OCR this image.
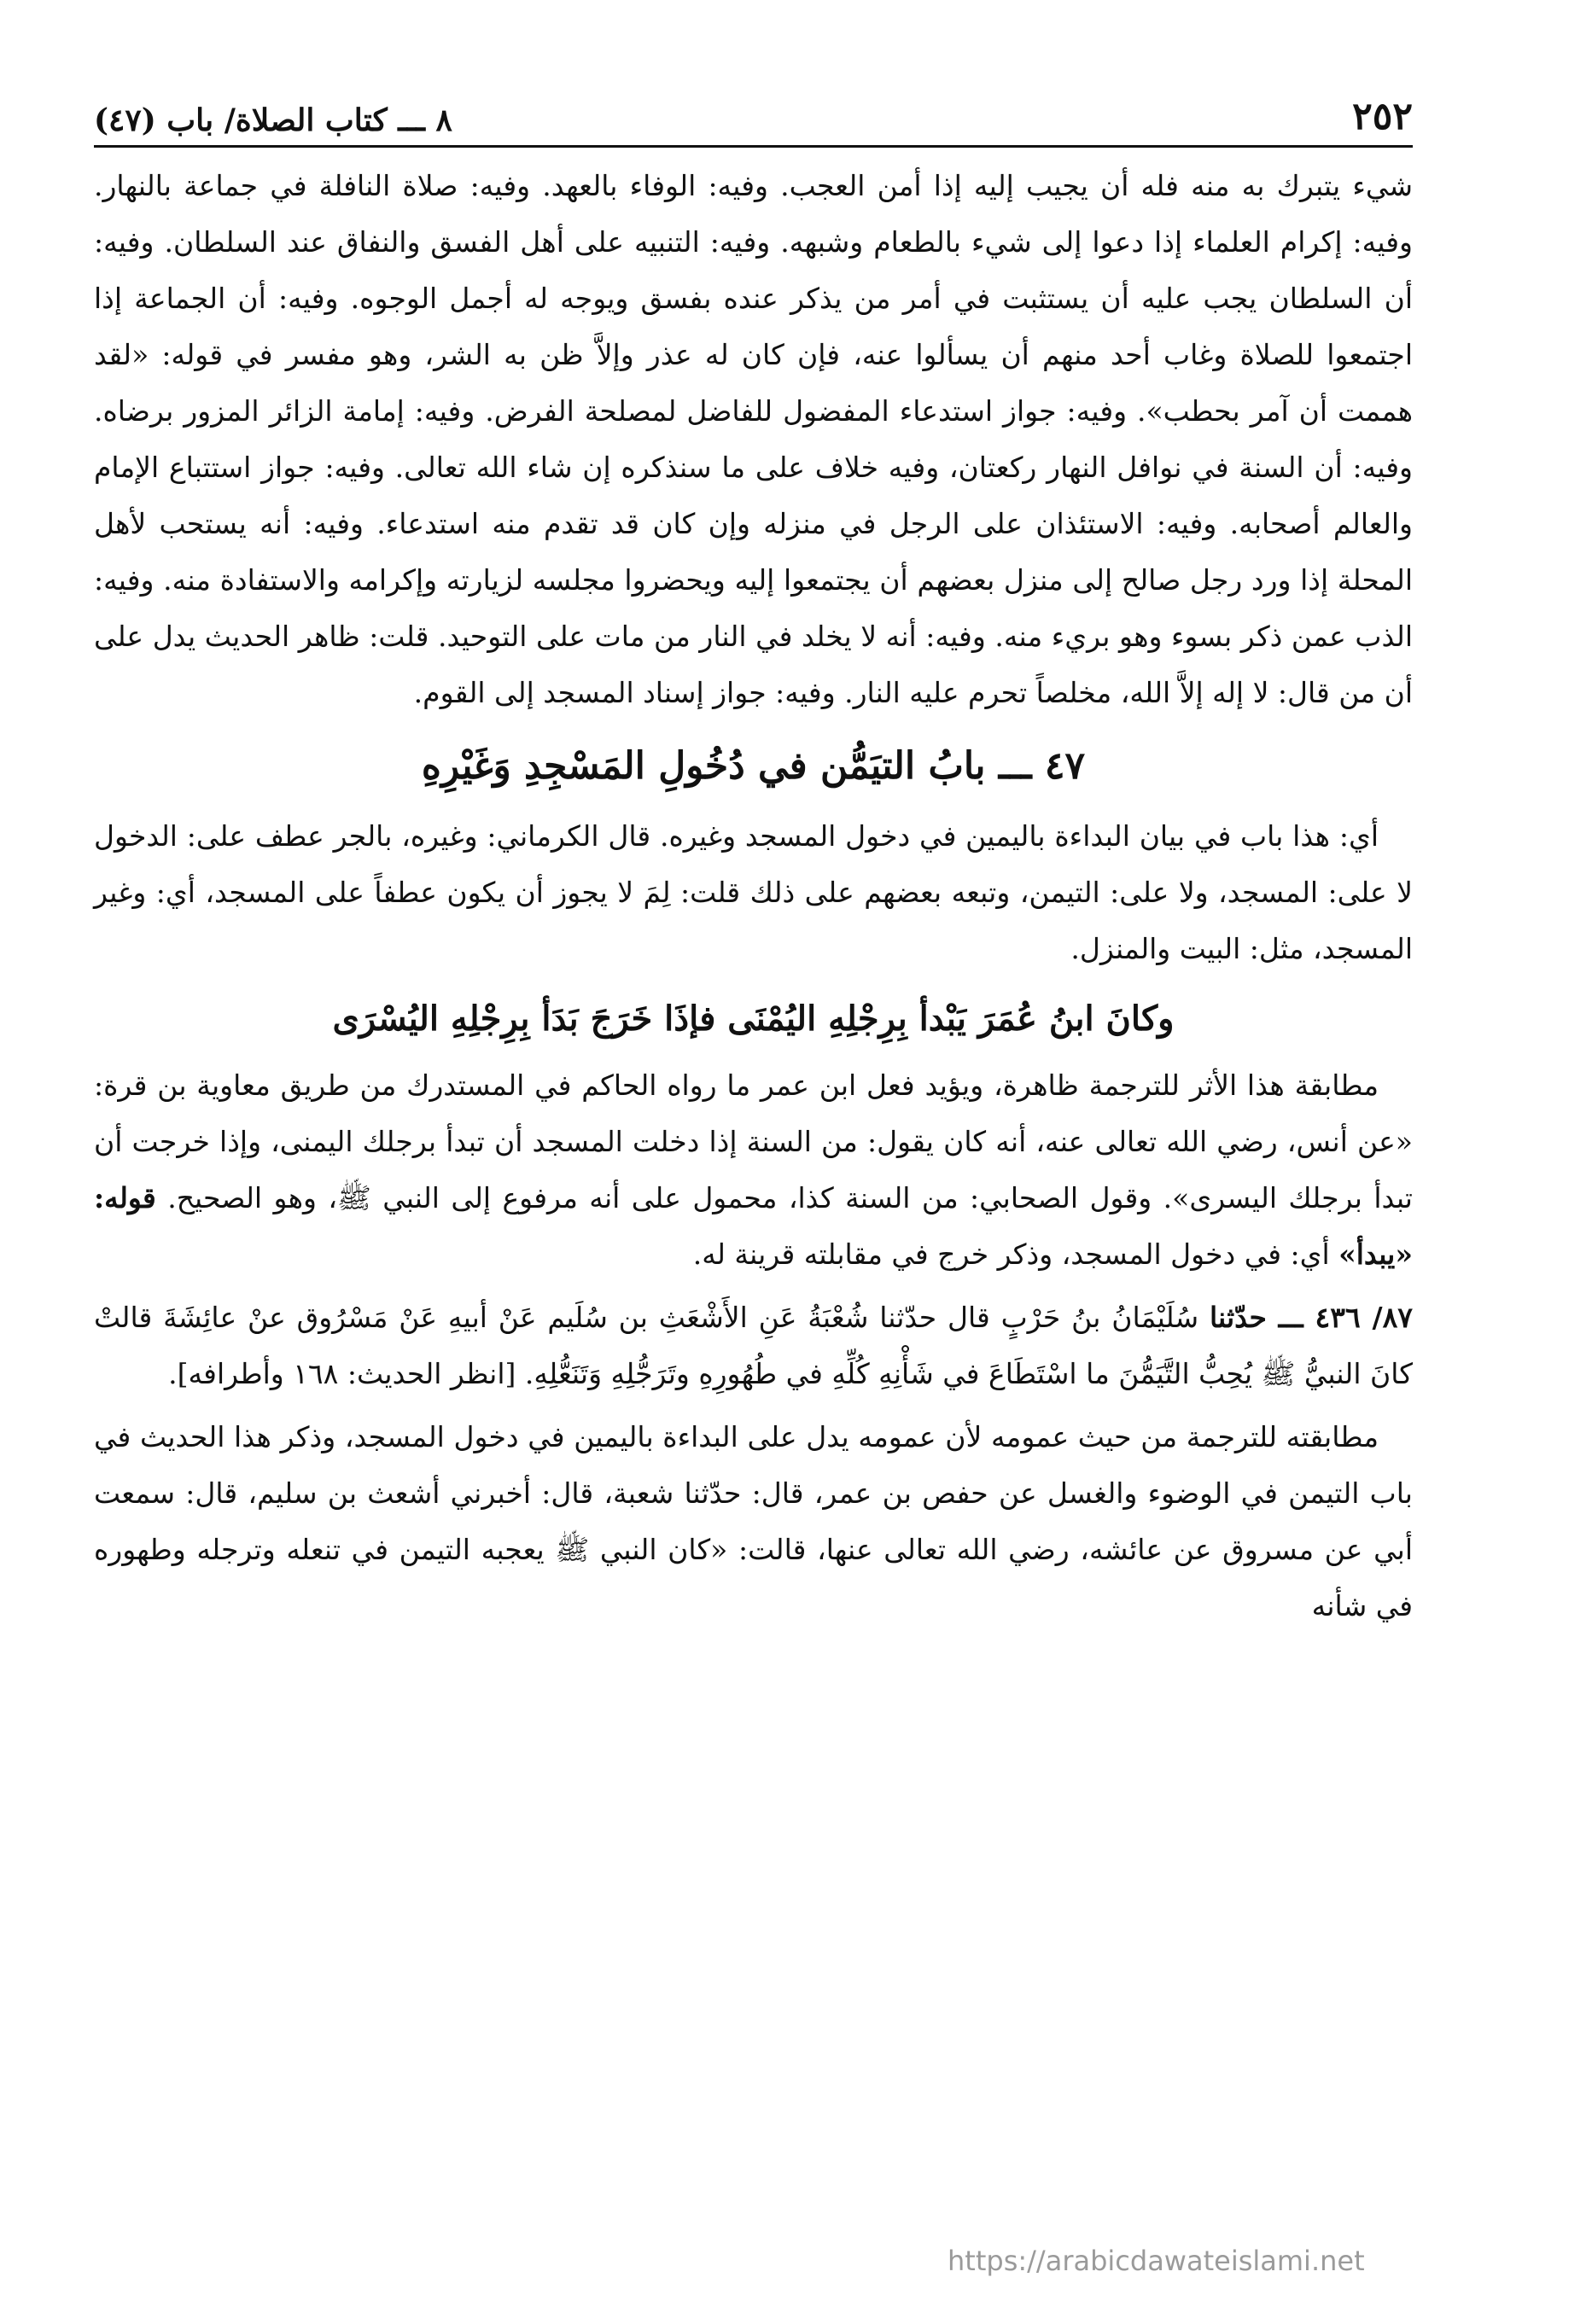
٢٥٢
٨ ـــ كتاب الصلاة/ باب (٤٧)

شيء يتبرك به منه فله أن يجيب إليه إذا أمن العجب. وفيه: الوفاء بالعهد. وفيه: صلاة النافلة في جماعة بالنهار. وفيه: إكرام العلماء إذا دعوا إلى شيء بالطعام وشبهه. وفيه: التنبيه على أهل الفسق والنفاق عند السلطان. وفيه: أن السلطان يجب عليه أن يستثبت في أمر من يذكر عنده بفسق ويوجه له أجمل الوجوه. وفيه: أن الجماعة إذا اجتمعوا للصلاة وغاب أحد منهم أن يسألوا عنه، فإن كان له عذر وإلاَّ ظن به الشر، وهو مفسر في قوله: «لقد هممت أن آمر بحطب». وفيه: جواز استدعاء المفضول للفاضل لمصلحة الفرض. وفيه: إمامة الزائر المزور برضاه. وفيه: أن السنة في نوافل النهار ركعتان، وفيه خلاف على ما سنذكره إن شاء الله تعالى. وفيه: جواز استتباع الإمام والعالم أصحابه. وفيه: الاستئذان على الرجل في منزله وإن كان قد تقدم منه استدعاء. وفيه: أنه يستحب لأهل المحلة إذا ورد رجل صالح إلى منزل بعضهم أن يجتمعوا إليه ويحضروا مجلسه لزيارته وإكرامه والاستفادة منه. وفيه: الذب عمن ذكر بسوء وهو بريء منه. وفيه: أنه لا يخلد في النار من مات على التوحيد. قلت: ظاهر الحديث يدل على أن من قال: لا إله إلاَّ الله، مخلصاً تحرم عليه النار. وفيه: جواز إسناد المسجد إلى القوم.

٤٧ ـــ بابُ التيَمُّن في دُخُولِ المَسْجِدِ وَغَيْرِهِ

أي: هذا باب في بيان البداءة باليمين في دخول المسجد وغيره. قال الكرماني: وغيره، بالجر عطف على: الدخول لا على: المسجد، ولا على: التيمن، وتبعه بعضهم على ذلك قلت: لِمَ لا يجوز أن يكون عطفاً على المسجد، أي: وغير المسجد، مثل: البيت والمنزل.

وكانَ ابنُ عُمَرَ يَبْدأ بِرِجْلِهِ اليُمْنَى فإذَا خَرَجَ بَدَأ بِرِجْلِهِ اليُسْرَى

مطابقة هذا الأثر للترجمة ظاهرة، ويؤيد فعل ابن عمر ما رواه الحاكم في المستدرك من طريق معاوية بن قرة: «عن أنس، رضي الله تعالى عنه، أنه كان يقول: من السنة إذا دخلت المسجد أن تبدأ برجلك اليمنى، وإذا خرجت أن تبدأ برجلك اليسرى». وقول الصحابي: من السنة كذا، محمول على أنه مرفوع إلى النبي ﷺ، وهو الصحيح. قوله: «يبدأ» أي: في دخول المسجد، وذكر خرج في مقابلته قرينة له.

٨٧/ ٤٣٦ ـــ حدّثنا سُلَيْمَانُ بنُ حَرْبٍ قال حدّثنا شُعْبَةُ عَنِ الأَشْعَثِ بن سُلَيم عَنْ أبيهِ عَنْ مَسْرُوق عنْ عائِشَةَ قالتْ كانَ النبيُّ ﷺ يُحِبُّ التَّيَمُّنَ ما اسْتَطَاعَ في شَأْنِهِ كُلِّهِ في طُهُورِهِ وتَرَجُّلِهِ وَتَنَعُّلِهِ. [انظر الحديث: ١٦٨ وأطرافه].

مطابقته للترجمة من حيث عمومه لأن عمومه يدل على البداءة باليمين في دخول المسجد، وذكر هذا الحديث في باب التيمن في الوضوء والغسل عن حفص بن عمر، قال: حدّثنا شعبة، قال: أخبرني أشعث بن سليم، قال: سمعت أبي عن مسروق عن عائشه، رضي الله تعالى عنها، قالت: «كان النبي ﷺ يعجبه التيمن في تنعله وترجله وطهوره في شأنه

https://arabicdawateislami.net
